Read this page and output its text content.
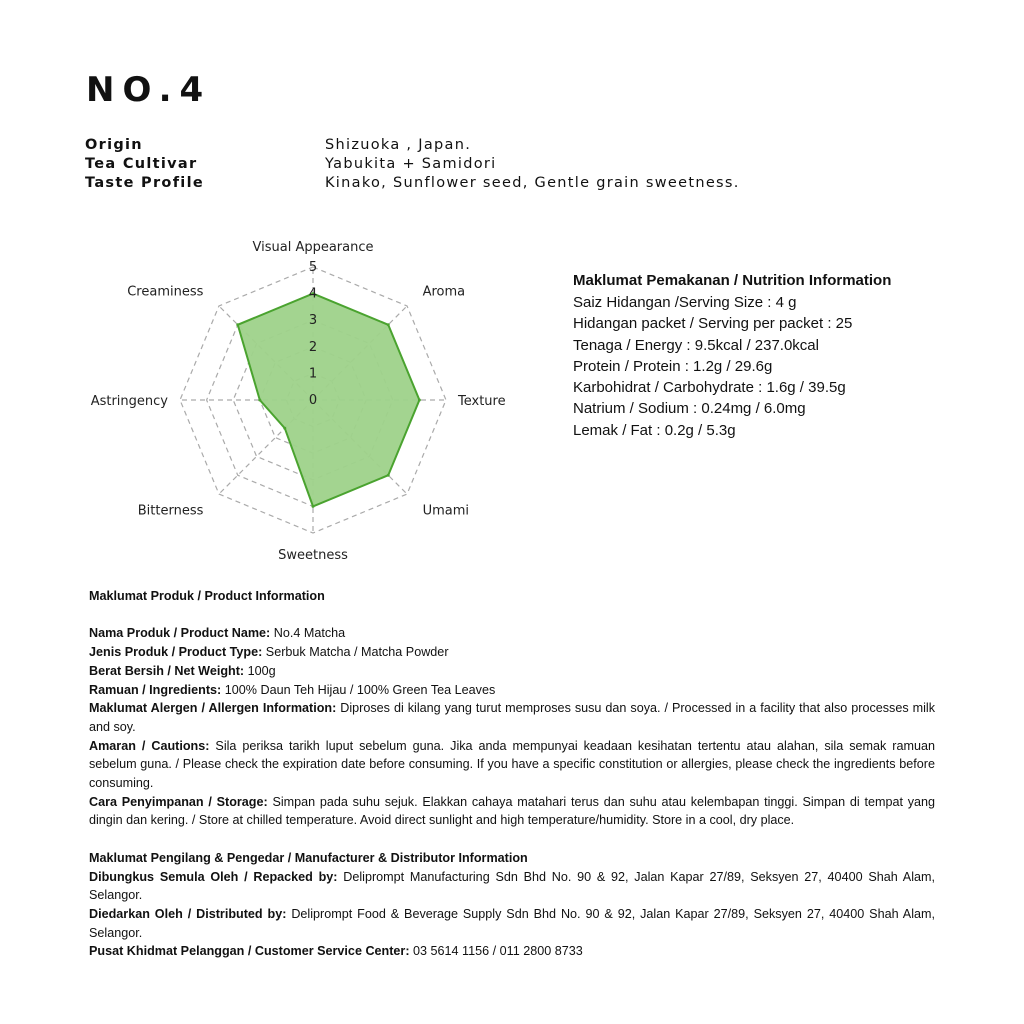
NO.4
Origin	Shizuoka , Japan.
Tea Cultivar	Yabukita + Samidori
Taste Profile	Kinako, Sunflower seed, Gentle grain sweetness.
0
1
2
3
4
5
Visual Appearance
Aroma
Texture
Umami
Sweetness
Bitterness
Astringency
Creaminess
Maklumat Pemakanan / Nutrition Information
Saiz Hidangan /Serving Size : 4 g
Hidangan packet / Serving per packet : 25
Tenaga / Energy : 9.5kcal / 237.0kcal
Protein / Protein : 1.2g / 29.6g
Karbohidrat / Carbohydrate : 1.6g / 39.5g
Natrium / Sodium : 0.24mg / 6.0mg
Lemak / Fat : 0.2g / 5.3g
Maklumat Produk / Product Information
Nama Produk / Product Name: No.4 Matcha
Jenis Produk / Product Type: Serbuk Matcha / Matcha Powder
Berat Bersih / Net Weight: 100g
Ramuan / Ingredients: 100% Daun Teh Hijau / 100% Green Tea Leaves
Maklumat Alergen / Allergen Information: Diproses di kilang yang turut memproses susu dan soya. / Processed in a facility that also processes milk and soy.
Amaran / Cautions: Sila periksa tarikh luput sebelum guna. Jika anda mempunyai keadaan kesihatan tertentu atau alahan, sila semak ramuan sebelum guna. / Please check the expiration date before consuming. If you have a specific constitution or allergies, please check the ingredients before consuming.
Cara Penyimpanan / Storage: Simpan pada suhu sejuk. Elakkan cahaya matahari terus dan suhu atau kelembapan tinggi. Simpan di tempat yang dingin dan kering. / Store at chilled temperature. Avoid direct sunlight and high temperature/humidity. Store in a cool, dry place.
Maklumat Pengilang & Pengedar / Manufacturer & Distributor Information
Dibungkus Semula Oleh / Repacked by: Deliprompt Manufacturing Sdn Bhd No. 90 & 92, Jalan Kapar 27/89, Seksyen 27, 40400 Shah Alam, Selangor.
Diedarkan Oleh / Distributed by: Deliprompt Food & Beverage Supply Sdn Bhd No. 90 & 92, Jalan Kapar 27/89, Seksyen 27, 40400 Shah Alam, Selangor.
Pusat Khidmat Pelanggan / Customer Service Center: 03 5614 1156 / 011 2800 8733
